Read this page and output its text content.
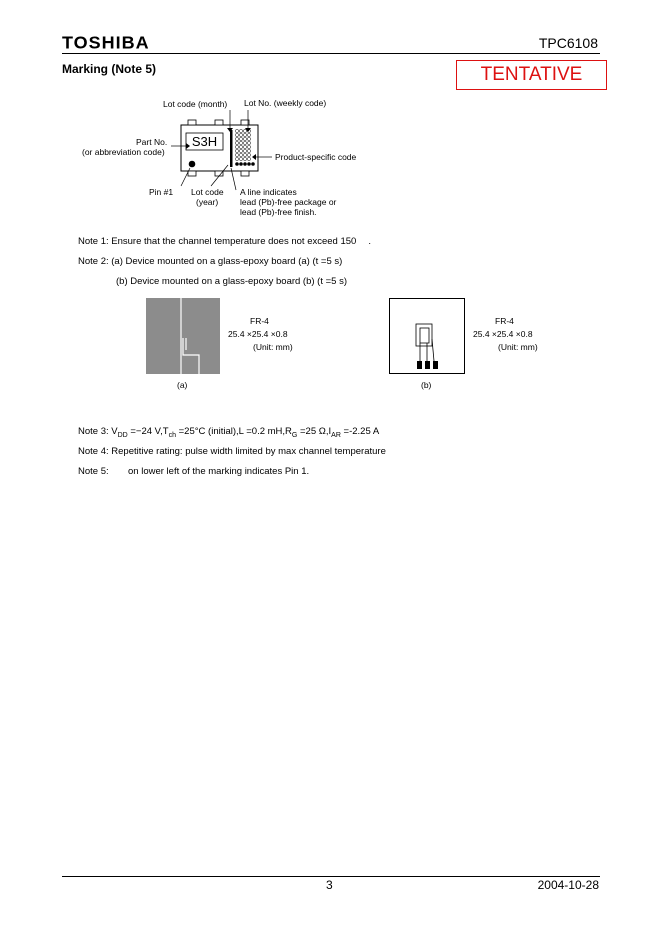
TOSHIBA	TPC6108
Marking (Note 5)	TENTATIVE
Lot code (month) Lot No. (weekly code)
Part No.
(or abbreviation code)
S3H
Product-specific code
Pin #1 Lot code
(year)
A line indicates
lead (Pb)-free package or
lead (Pb)-free finish.
Note 1: Ensure that the channel temperature does not exceed 150 .
Note 2: (a) Device mounted on a glass-epoxy board (a) (t =5 s)
(b) Device mounted on a glass-epoxy board (b) (t =5 s)
FR-4
25.4 ×25.4 ×0.8
(Unit: mm)
(a)
FR-4
25.4 ×25.4 ×0.8
(Unit: mm)
(b)
Note 3: $V_{DD} =-24$ $V,T_{ch} =25^\circ C$ (initial),L =0.2 $mH,R_G =25$ $\Omega,I_{AR} =-2.25$ A
Note 4: Repetitive rating: pulse width limited by max channel temperature
Note 5: on lower left of the marking indicates Pin 1.
3	2004-10-28
